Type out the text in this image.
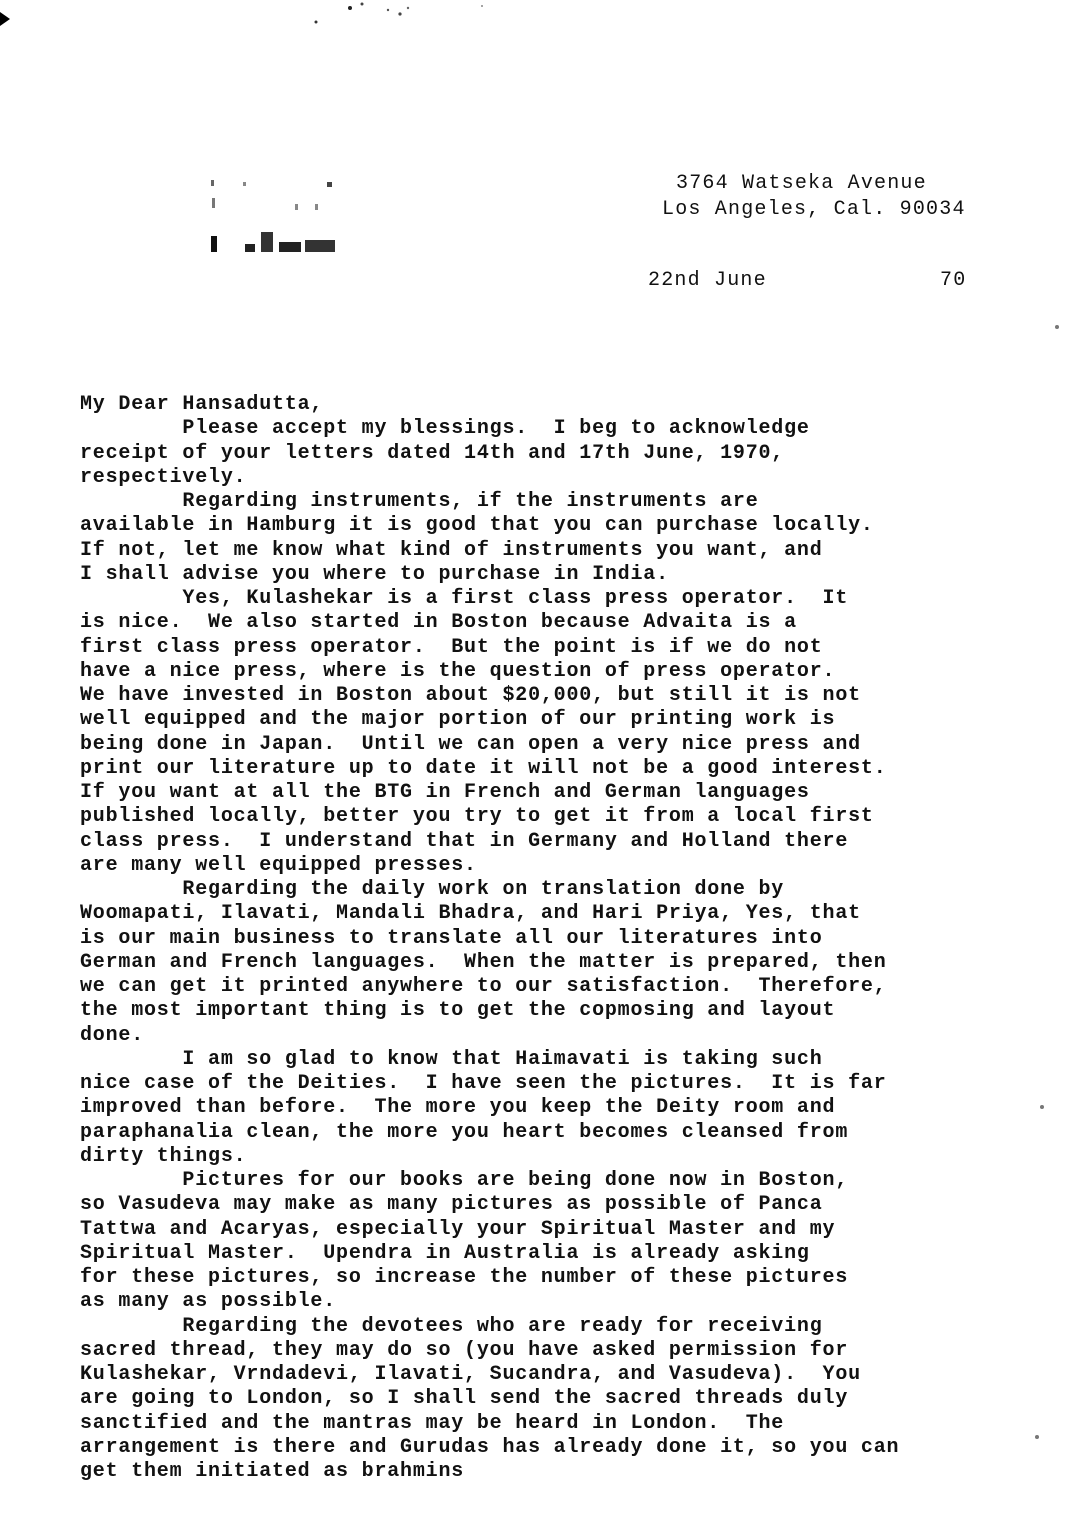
3764 Watseka Avenue
Los Angeles, Cal. 90034
22nd June	70
My Dear Hansadutta,
Please accept my blessings.  I beg to acknowledge
receipt of your letters dated 14th and 17th June, 1970,
respectively.
Regarding instruments, if the instruments are
available in Hamburg it is good that you can purchase locally.
If not, let me know what kind of instruments you want, and
I shall advise you where to purchase in India.
Yes, Kulashekar is a first class press operator.  It
is nice.  We also started in Boston because Advaita is a
first class press operator.  But the point is if we do not
have a nice press, where is the question of press operator.
We have invested in Boston about $20,000, but still it is not
well equipped and the major portion of our printing work is
being done in Japan.  Until we can open a very nice press and
print our literature up to date it will not be a good interest.
If you want at all the BTG in French and German languages
published locally, better you try to get it from a local first
class press.  I understand that in Germany and Holland there
are many well equipped presses.
Regarding the daily work on translation done by
Woomapati, Ilavati, Mandali Bhadra, and Hari Priya, Yes, that
is our main business to translate all our literatures into
German and French languages.  When the matter is prepared, then
we can get it printed anywhere to our satisfaction.  Therefore,
the most important thing is to get the copmosing and layout
done.
I am so glad to know that Haimavati is taking such
nice case of the Deities.  I have seen the pictures.  It is far
improved than before.  The more you keep the Deity room and
paraphanalia clean, the more you heart becomes cleansed from
dirty things.
Pictures for our books are being done now in Boston,
so Vasudeva may make as many pictures as possible of Panca
Tattwa and Acaryas, especially your Spiritual Master and my
Spiritual Master.  Upendra in Australia is already asking
for these pictures, so increase the number of these pictures
as many as possible.
Regarding the devotees who are ready for receiving
sacred thread, they may do so (you have asked permission for
Kulashekar, Vrndadevi, Ilavati, Sucandra, and Vasudeva).  You
are going to London, so I shall send the sacred threads duly
sanctified and the mantras may be heard in London.  The
arrangement is there and Gurudas has already done it, so you can
get them initiated as brahmins
